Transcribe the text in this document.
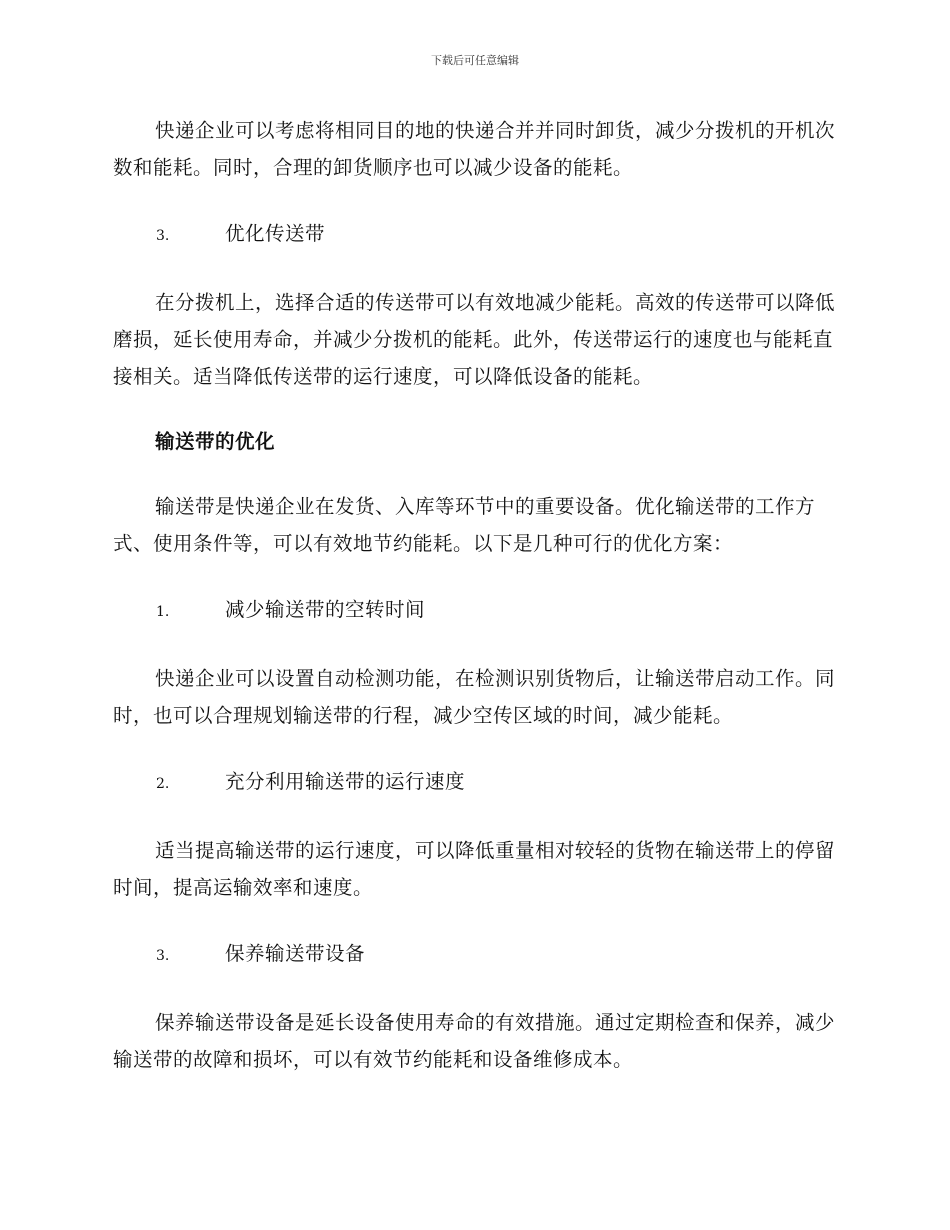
下载后可任意编辑

快递企业可以考虑将相同目的地的快递合并并同时卸货，减少分拨机的开机次数和能耗。同时，合理的卸货顺序也可以减少设备的能耗。

3.	优化传送带

在分拨机上，选择合适的传送带可以有效地减少能耗。高效的传送带可以降低磨损，延长使用寿命，并减少分拨机的能耗。此外，传送带运行的速度也与能耗直接相关。适当降低传送带的运行速度，可以降低设备的能耗。

输送带的优化

输送带是快递企业在发货、入库等环节中的重要设备。优化输送带的工作方式、使用条件等，可以有效地节约能耗。以下是几种可行的优化方案：

1.	减少输送带的空转时间

快递企业可以设置自动检测功能，在检测识别货物后，让输送带启动工作。同时，也可以合理规划输送带的行程，减少空传区域的时间，减少能耗。

2.	充分利用输送带的运行速度

适当提高输送带的运行速度，可以降低重量相对较轻的货物在输送带上的停留时间，提高运输效率和速度。

3.	保养输送带设备

保养输送带设备是延长设备使用寿命的有效措施。通过定期检查和保养，减少输送带的故障和损坏，可以有效节约能耗和设备维修成本。
